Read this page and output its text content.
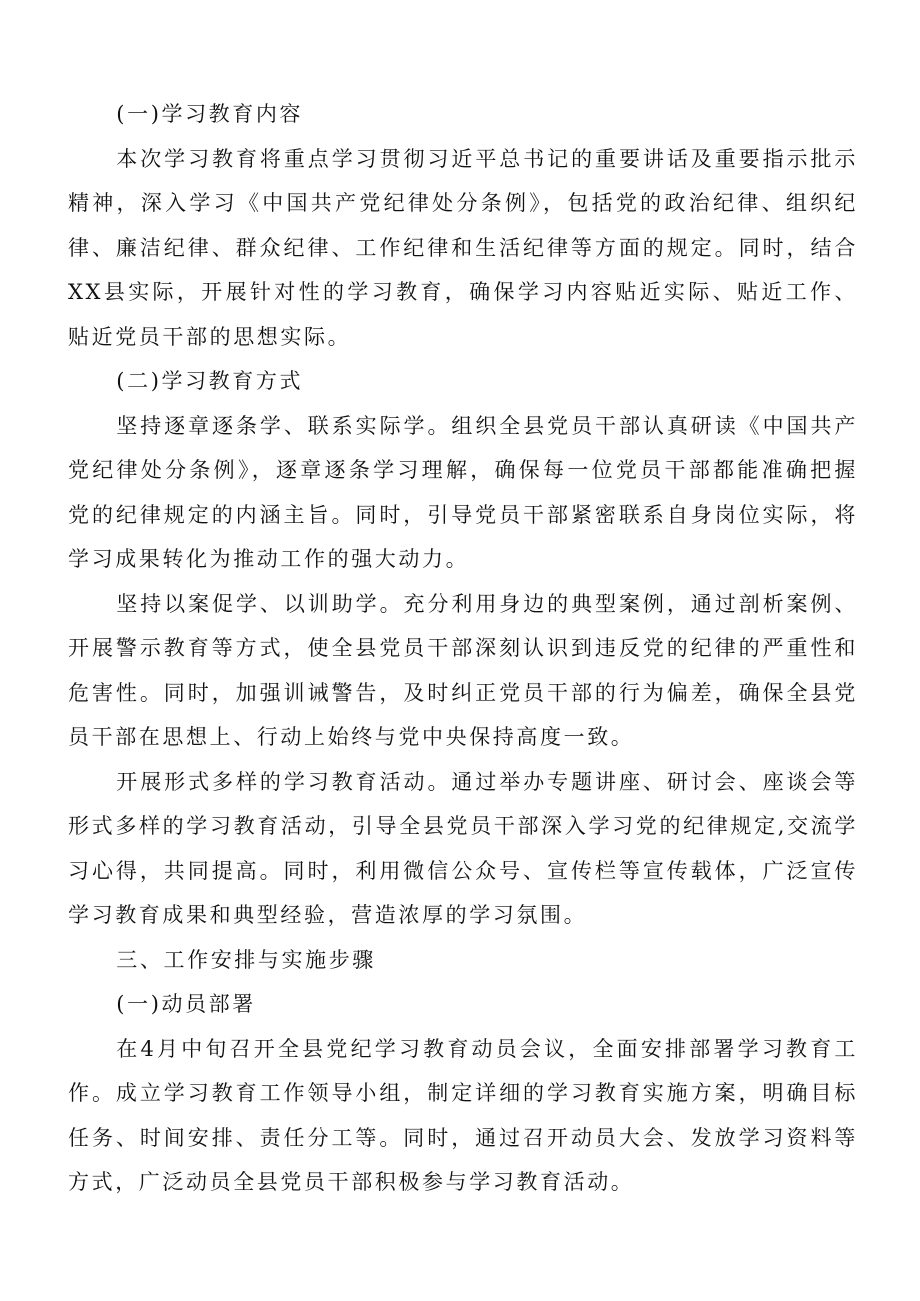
(一)学习教育内容

本次学习教育将重点学习贯彻习近平总书记的重要讲话及重要指示批示精神，深入学习《中国共产党纪律处分条例》，包括党的政治纪律、组织纪律、廉洁纪律、群众纪律、工作纪律和生活纪律等方面的规定。同时，结合XX县实际，开展针对性的学习教育，确保学习内容贴近实际、贴近工作、贴近党员干部的思想实际。

(二)学习教育方式

坚持逐章逐条学、联系实际学。组织全县党员干部认真研读《中国共产党纪律处分条例》，逐章逐条学习理解，确保每一位党员干部都能准确把握党的纪律规定的内涵主旨。同时，引导党员干部紧密联系自身岗位实际，将学习成果转化为推动工作的强大动力。

坚持以案促学、以训助学。充分利用身边的典型案例，通过剖析案例、开展警示教育等方式，使全县党员干部深刻认识到违反党的纪律的严重性和危害性。同时，加强训诫警告，及时纠正党员干部的行为偏差，确保全县党员干部在思想上、行动上始终与党中央保持高度一致。

开展形式多样的学习教育活动。通过举办专题讲座、研讨会、座谈会等形式多样的学习教育活动，引导全县党员干部深入学习党的纪律规定,交流学习心得，共同提高。同时，利用微信公众号、宣传栏等宣传载体，广泛宣传学习教育成果和典型经验，营造浓厚的学习氛围。

三、工作安排与实施步骤

(一)动员部署

在4月中旬召开全县党纪学习教育动员会议，全面安排部署学习教育工作。成立学习教育工作领导小组，制定详细的学习教育实施方案，明确目标任务、时间安排、责任分工等。同时，通过召开动员大会、发放学习资料等方式，广泛动员全县党员干部积极参与学习教育活动。
